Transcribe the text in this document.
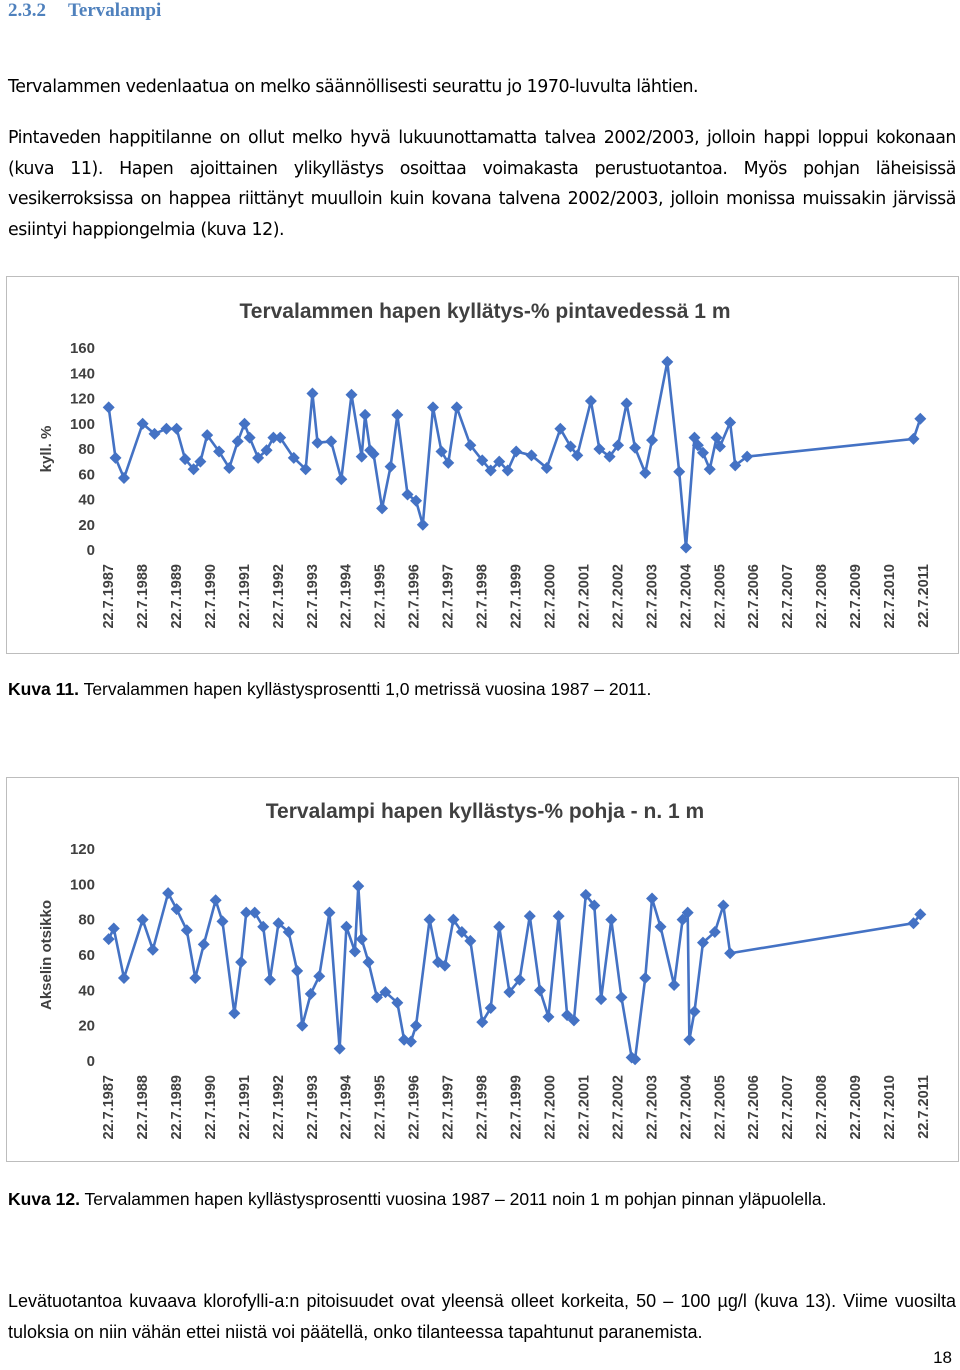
2.3.2 Tervalampi
Tervalammen vedenlaatua on melko säännöllisesti seurattu jo 1970-luvulta lähtien.
Pintaveden happitilanne on ollut melko hyvä lukuunottamatta talvea 2002/2003, jolloin happi loppui kokonaan (kuva 11). Hapen ajoittainen ylikyllästys osoittaa voimakasta perustuotantoa. Myös pohjan läheisissä vesikerroksissa on happea riittänyt muulloin kuin kovana talvena 2002/2003, jolloin monissa muissakin järvissä esiintyi happiongelmia (kuva 12).
Tervalammen hapen kyllätys-% pintavedessä 1 m
kyll. %
0
20
40
60
80
100
120
140
160
22.7.1987 22.7.1988 22.7.1989 22.7.1990 22.7.1991 22.7.1992 22.7.1993 22.7.1994 22.7.1995 22.7.1996 22.7.1997 22.7.1998 22.7.1999 22.7.2000 22.7.2001 22.7.2002 22.7.2003 22.7.2004 22.7.2005 22.7.2006 22.7.2007 22.7.2008 22.7.2009 22.7.2010 22.7.2011
Kuva 11. Tervalammen hapen kyllästysprosentti 1,0 metrissä vuosina 1987 – 2011.
Tervalampi hapen kyllästys-% pohja - n. 1 m
Akselin otsikko
0
20
40
60
80
100
120
22.7.1987 22.7.1988 22.7.1989 22.7.1990 22.7.1991 22.7.1992 22.7.1993 22.7.1994 22.7.1995 22.7.1996 22.7.1997 22.7.1998 22.7.1999 22.7.2000 22.7.2001 22.7.2002 22.7.2003 22.7.2004 22.7.2005 22.7.2006 22.7.2007 22.7.2008 22.7.2009 22.7.2010 22.7.2011
Kuva 12. Tervalammen hapen kyllästysprosentti vuosina 1987 – 2011 noin 1 m pohjan pinnan yläpuolella.
Levätuotantoa kuvaava klorofylli-a:n pitoisuudet ovat yleensä olleet korkeita, 50 – 100 µg/l (kuva 13). Viime vuosilta tuloksia on niin vähän ettei niistä voi päätellä, onko tilanteessa tapahtunut paranemista.
18
